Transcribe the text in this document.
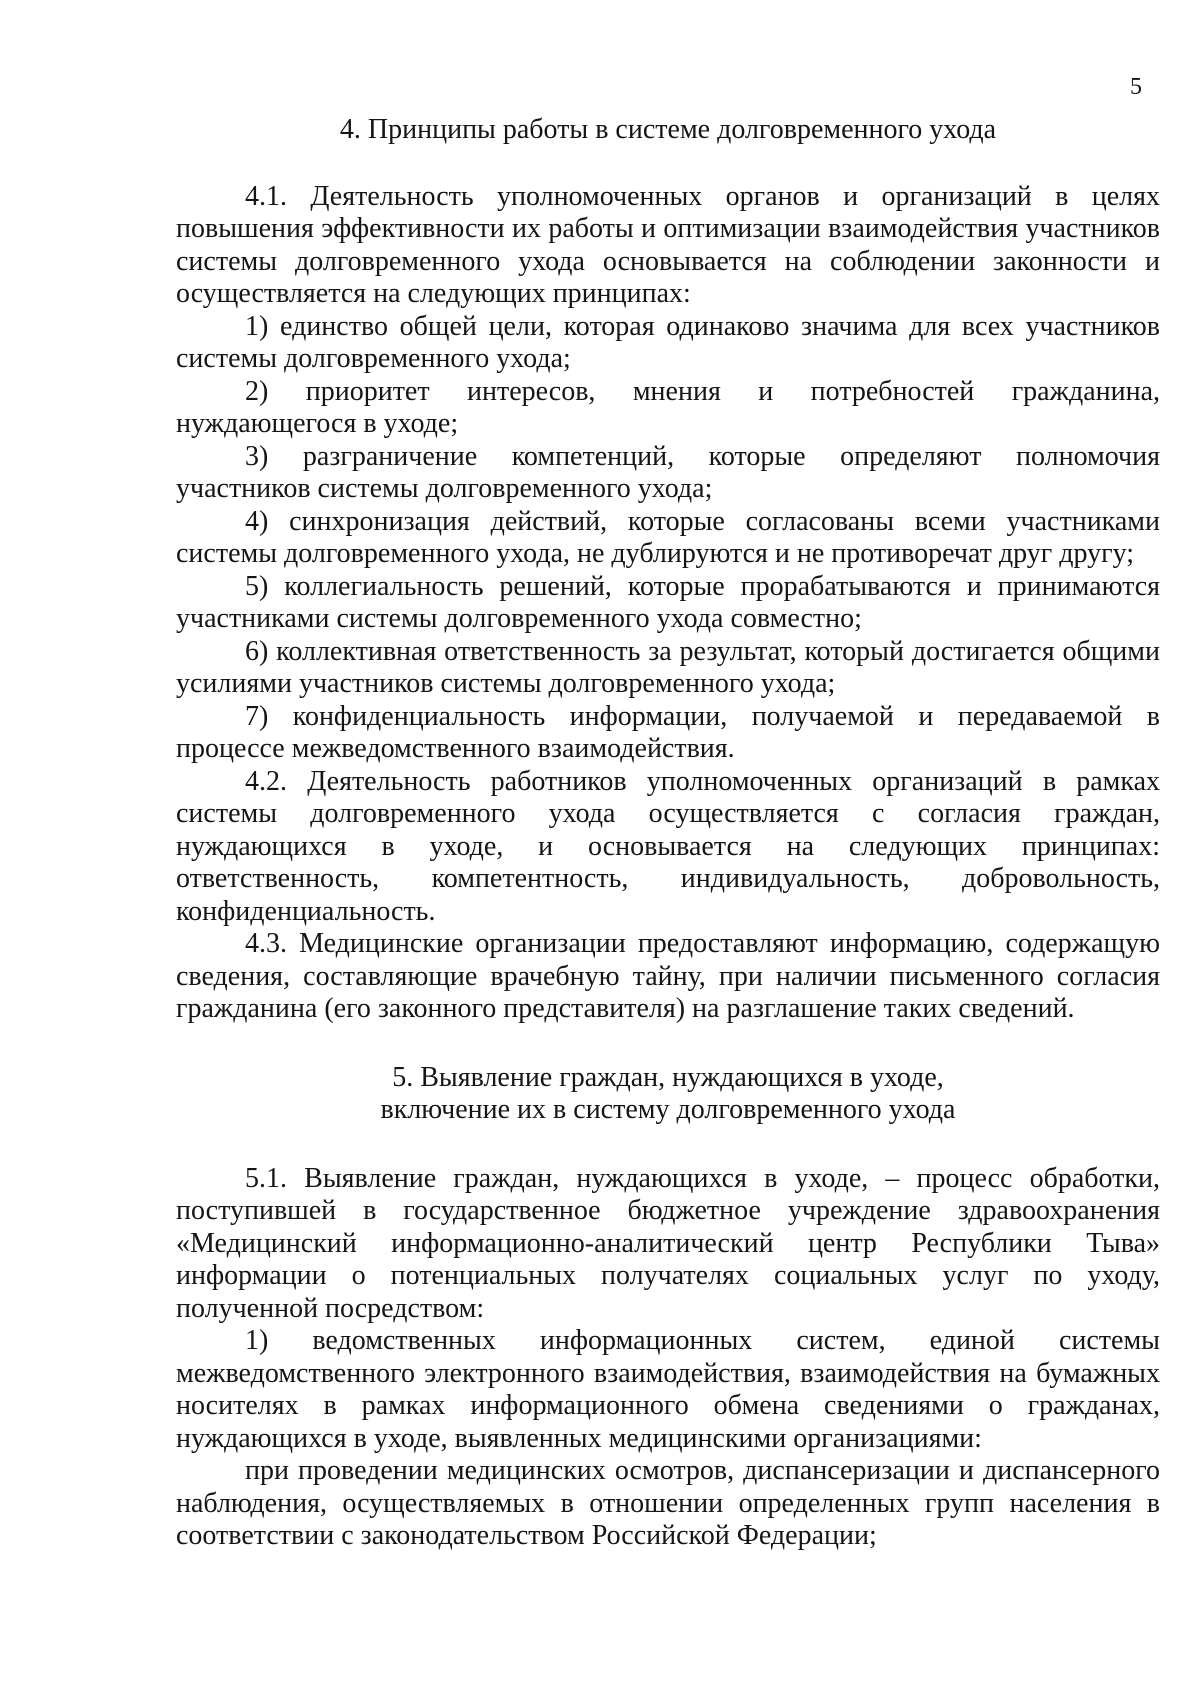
5

4. Принципы работы в системе долговременного ухода

4.1. Деятельность уполномоченных органов и организаций в целях повышения эффективности их работы и оптимизации взаимодействия участников системы долговременного ухода основывается на соблюдении законности и осуществляется на следующих принципах:

1) единство общей цели, которая одинаково значима для всех участников системы долговременного ухода;

2) приоритет интересов, мнения и потребностей гражданина, нуждающегося в уходе;

3) разграничение компетенций, которые определяют полномочия участников системы долговременного ухода;

4) синхронизация действий, которые согласованы всеми участниками системы долговременного ухода, не дублируются и не противоречат друг другу;

5) коллегиальность решений, которые прорабатываются и принимаются участниками системы долговременного ухода совместно;

6) коллективная ответственность за результат, который достигается общими усилиями участников системы долговременного ухода;

7) конфиденциальность информации, получаемой и передаваемой в процессе межведомственного взаимодействия.

4.2. Деятельность работников уполномоченных организаций в рамках системы долговременного ухода осуществляется с согласия граждан, нуждающихся в уходе, и основывается на следующих принципах: ответственность, компетентность, индивидуальность, добровольность, конфиденциальность.

4.3. Медицинские организации предоставляют информацию, содержащую сведения, составляющие врачебную тайну, при наличии письменного согласия гражданина (его законного представителя) на разглашение таких сведений.

5. Выявление граждан, нуждающихся в уходе,
включение их в систему долговременного ухода

5.1. Выявление граждан, нуждающихся в уходе, – процесс обработки, поступившей в государственное бюджетное учреждение здравоохранения «Медицинский информационно-аналитический центр Республики Тыва» информации о потенциальных получателях социальных услуг по уходу, полученной посредством:

1) ведомственных информационных систем, единой системы межведомственного электронного взаимодействия, взаимодействия на бумажных носителях в рамках информационного обмена сведениями о гражданах, нуждающихся в уходе, выявленных медицинскими организациями:

при проведении медицинских осмотров, диспансеризации и диспансерного наблюдения, осуществляемых в отношении определенных групп населения в соответствии с законодательством Российской Федерации;
